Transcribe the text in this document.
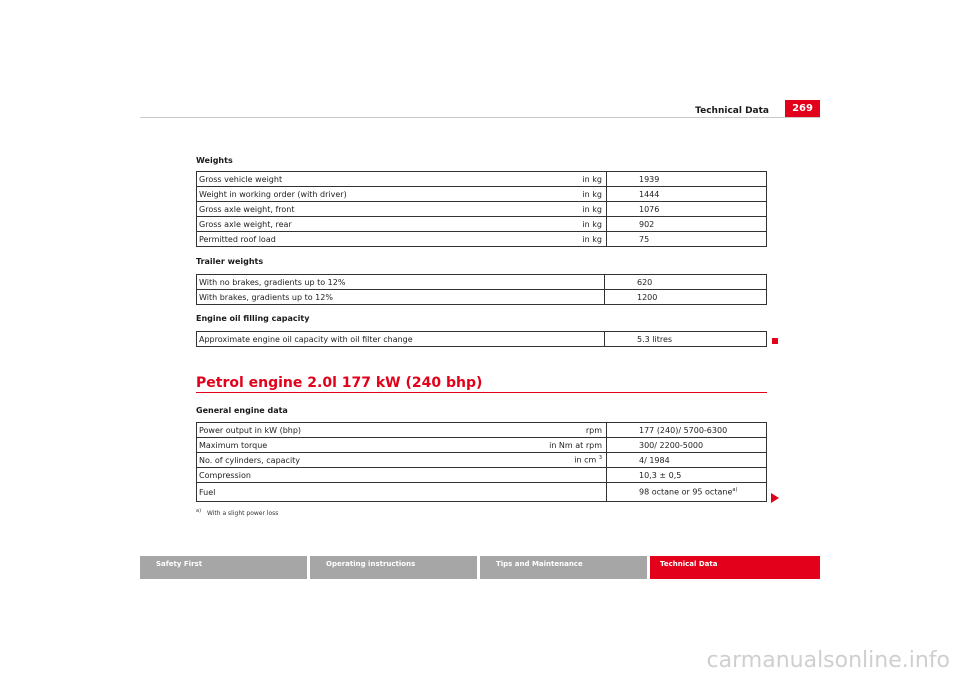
Technical Data	269
Weights
Gross vehicle weight	in kg	1939
Weight in working order (with driver)	in kg	1444
Gross axle weight, front	in kg	1076
Gross axle weight, rear	in kg	902
Permitted roof load	in kg	75
Trailer weights
With no brakes, gradients up to 12%	620
With brakes, gradients up to 12%	1200
Engine oil filling capacity
Approximate engine oil capacity with oil filter change	5.3 litres
Petrol engine 2.0l 177 kW (240 bhp)
General engine data
Power output in kW (bhp)	rpm	177 (240)/ 5700-6300
Maximum torque	in Nm at rpm	300/ 2200-5000
No. of cylinders, capacity	in cm $^3$	4/ 1984
Compression		10,3 ± 0,5
Fuel		98 octane or 95 octane$^{a)}$
$^{a)}$ With a slight power loss
Safety First	Operating instructions	Tips and Maintenance	Technical Data
carmanualsonline.info
